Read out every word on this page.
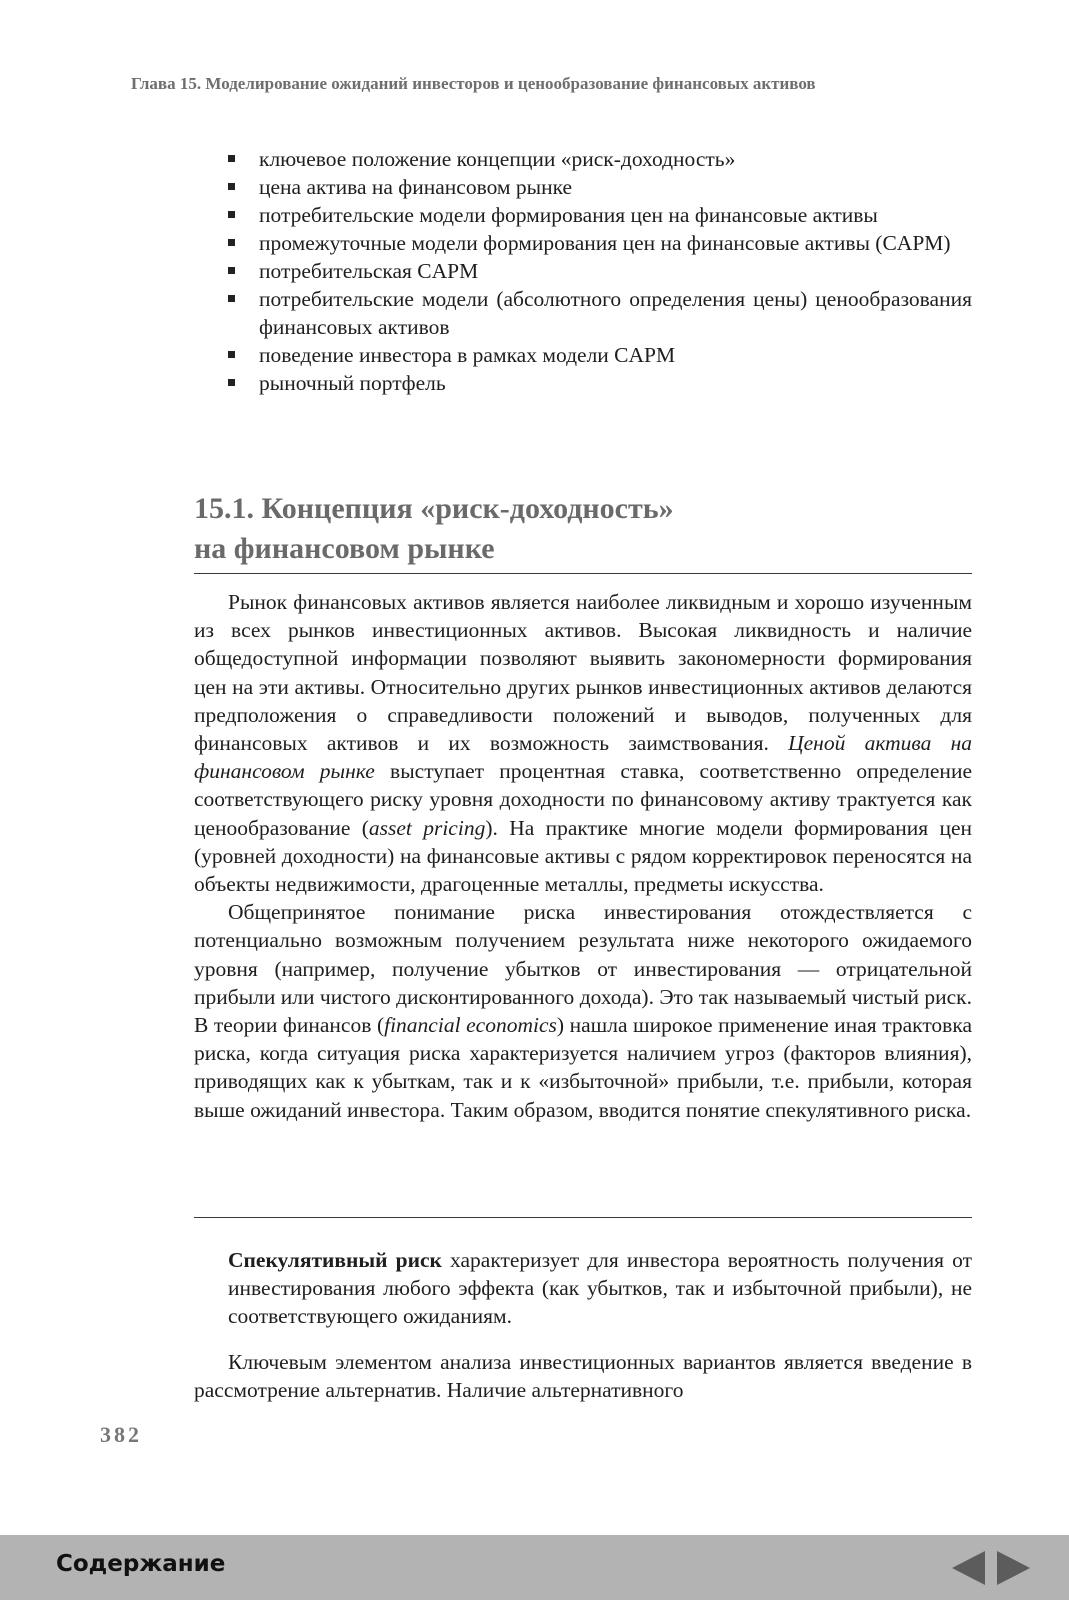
Глава 15. Моделирование ожиданий инвесторов и ценообразование финансовых активов
ключевое положение концепции «риск-доходность»
цена актива на финансовом рынке
потребительские модели формирования цен на финансовые активы
промежуточные модели формирования цен на финансовые активы (CAPM)
потребительская CAPM
потребительские модели (абсолютного определения цены) ценообразования финансовых активов
поведение инвестора в рамках модели CAPM
рыночный портфель
15.1. Концепция «риск-доходность»
на финансовом рынке

Рынок финансовых активов является наиболее ликвидным и хорошо изученным из всех рынков инвестиционных активов. Высокая ликвидность и наличие общедоступной информации позволяют выявить закономерности формирования цен на эти активы. Относительно других рынков инвестиционных активов делаются предположения о справедливости положений и выводов, полученных для финансовых активов и их возможность заимствования. Ценой актива на финансовом рынке выступает процентная ставка, соответственно определение соответствующего риску уровня доходности по финансовому активу трактуется как ценообразование (asset pricing). На практике многие модели формирования цен (уровней доходности) на финансовые активы с рядом корректировок переносятся на объекты недвижимости, драгоценные металлы, предметы искусства.

Общепринятое понимание риска инвестирования отождествляется с потенциально возможным получением результата ниже некоторого ожидаемого уровня (например, получение убытков от инвестирования — отрицательной прибыли или чистого дисконтированного дохода). Это так называемый чистый риск. В теории финансов (financial economics) нашла широкое применение иная трактовка риска, когда ситуация риска характеризуется наличием угроз (факторов влияния), приводящих как к убыткам, так и к «избыточной» прибыли, т.е. прибыли, которая выше ожиданий инвестора. Таким образом, вводится понятие спекулятивного риска.

Спекулятивный риск характеризует для инвестора вероятность получения от инвестирования любого эффекта (как убытков, так и избыточной прибыли), не соответствующего ожиданиям.

Ключевым элементом анализа инвестиционных вариантов является введение в рассмотрение альтернатив. Наличие альтернативного

382
Содержание
